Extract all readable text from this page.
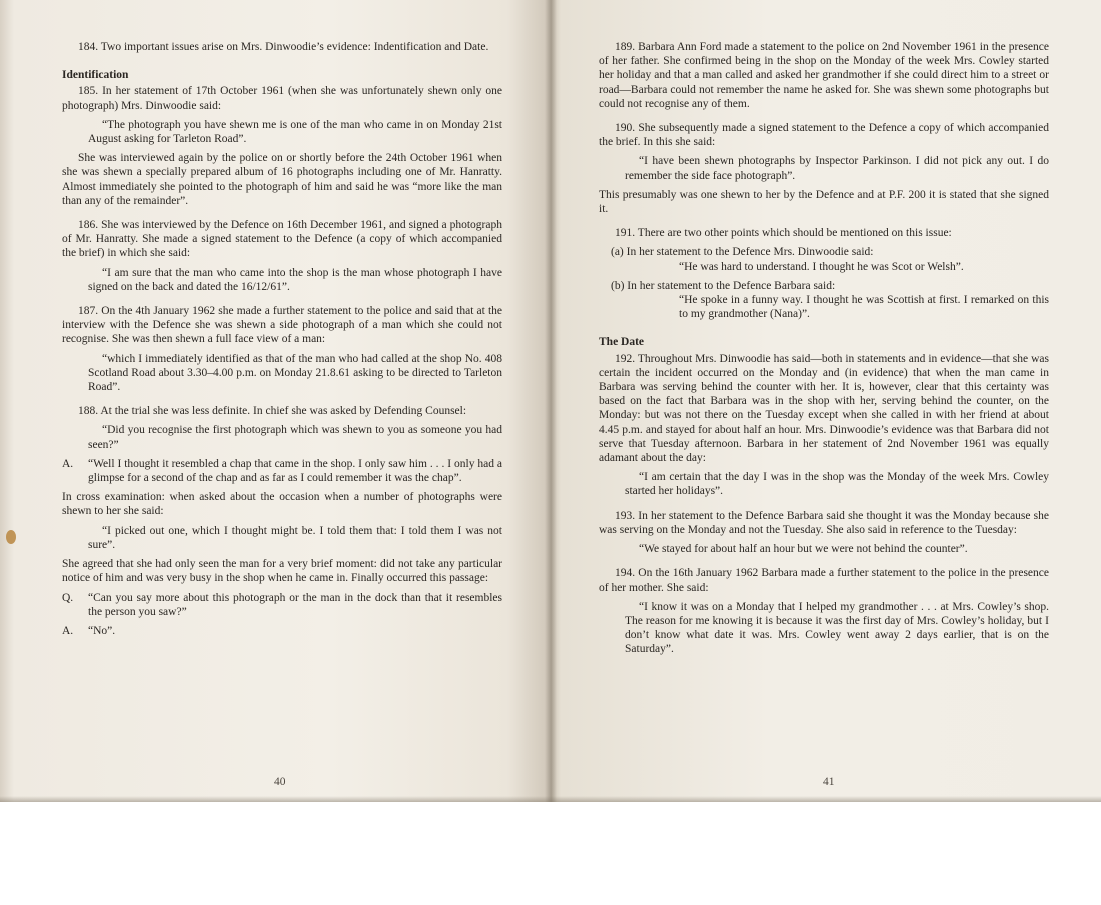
184. Two important issues arise on Mrs. Dinwoodie’s evidence: Indentification and Date.

Identification

185. In her statement of 17th October 1961 (when she was unfortunately shewn only one photograph) Mrs. Dinwoodie said:

“The photograph you have shewn me is one of the man who came in on Monday 21st August asking for Tarleton Road”.

She was interviewed again by the police on or shortly before the 24th October 1961 when she was shewn a specially prepared album of 16 photographs including one of Mr. Hanratty. Almost immediately she pointed to the photograph of him and said he was “more like the man than any of the remainder”.

186. She was interviewed by the Defence on 16th December 1961, and signed a photograph of Mr. Hanratty. She made a signed statement to the Defence (a copy of which accompanied the brief) in which she said:

“I am sure that the man who came into the shop is the man whose photograph I have signed on the back and dated the 16/12/61”.

187. On the 4th January 1962 she made a further statement to the police and said that at the interview with the Defence she was shewn a side photograph of a man which she could not recognise. She was then shewn a full face view of a man:

“which I immediately identified as that of the man who had called at the shop No. 408 Scotland Road about 3.30–4.00 p.m. on Monday 21.8.61 asking to be directed to Tarleton Road”.

188. At the trial she was less definite. In chief she was asked by Defending Counsel:

“Did you recognise the first photograph which was shewn to you as someone you had seen?”

A. “Well I thought it resembled a chap that came in the shop. I only saw him . . . I only had a glimpse for a second of the chap and as far as I could remember it was the chap”.

In cross examination: when asked about the occasion when a number of photographs were shewn to her she said:

“I picked out one, which I thought might be. I told them that: I told them I was not sure”.

She agreed that she had only seen the man for a very brief moment: did not take any particular notice of him and was very busy in the shop when he came in. Finally occurred this passage:

Q. “Can you say more about this photograph or the man in the dock than that it resembles the person you saw?”

A. “No”.

40

189. Barbara Ann Ford made a statement to the police on 2nd November 1961 in the presence of her father. She confirmed being in the shop on the Monday of the week Mrs. Cowley started her holiday and that a man called and asked her grandmother if she could direct him to a street or road—Barbara could not remember the name he asked for. She was shewn some photographs but could not recognise any of them.

190. She subsequently made a signed statement to the Defence a copy of which accompanied the brief. In this she said:

“I have been shewn photographs by Inspector Parkinson. I did not pick any out. I do remember the side face photograph”.

This presumably was one shewn to her by the Defence and at P.F. 200 it is stated that she signed it.

191. There are two other points which should be mentioned on this issue:

(a) In her statement to the Defence Mrs. Dinwoodie said:

“He was hard to understand. I thought he was Scot or Welsh”.

(b) In her statement to the Defence Barbara said:

“He spoke in a funny way. I thought he was Scottish at first. I remarked on this to my grandmother (Nana)”.

The Date

192. Throughout Mrs. Dinwoodie has said—both in statements and in evidence—that she was certain the incident occurred on the Monday and (in evidence) that when the man came in Barbara was serving behind the counter with her. It is, however, clear that this certainty was based on the fact that Barbara was in the shop with her, serving behind the counter, on the Monday: but was not there on the Tuesday except when she called in with her friend at about 4.45 p.m. and stayed for about half an hour. Mrs. Dinwoodie’s evidence was that Barbara did not serve that Tuesday afternoon. Barbara in her statement of 2nd November 1961 was equally adamant about the day:

“I am certain that the day I was in the shop was the Monday of the week Mrs. Cowley started her holidays”.

193. In her statement to the Defence Barbara said she thought it was the Monday because she was serving on the Monday and not the Tuesday. She also said in reference to the Tuesday:

“We stayed for about half an hour but we were not behind the counter”.

194. On the 16th January 1962 Barbara made a further statement to the police in the presence of her mother. She said:

“I know it was on a Monday that I helped my grandmother . . . at Mrs. Cowley’s shop. The reason for me knowing it is because it was the first day of Mrs. Cowley’s holiday, but I don’t know what date it was. Mrs. Cowley went away 2 days earlier, that is on the Saturday”.

41
